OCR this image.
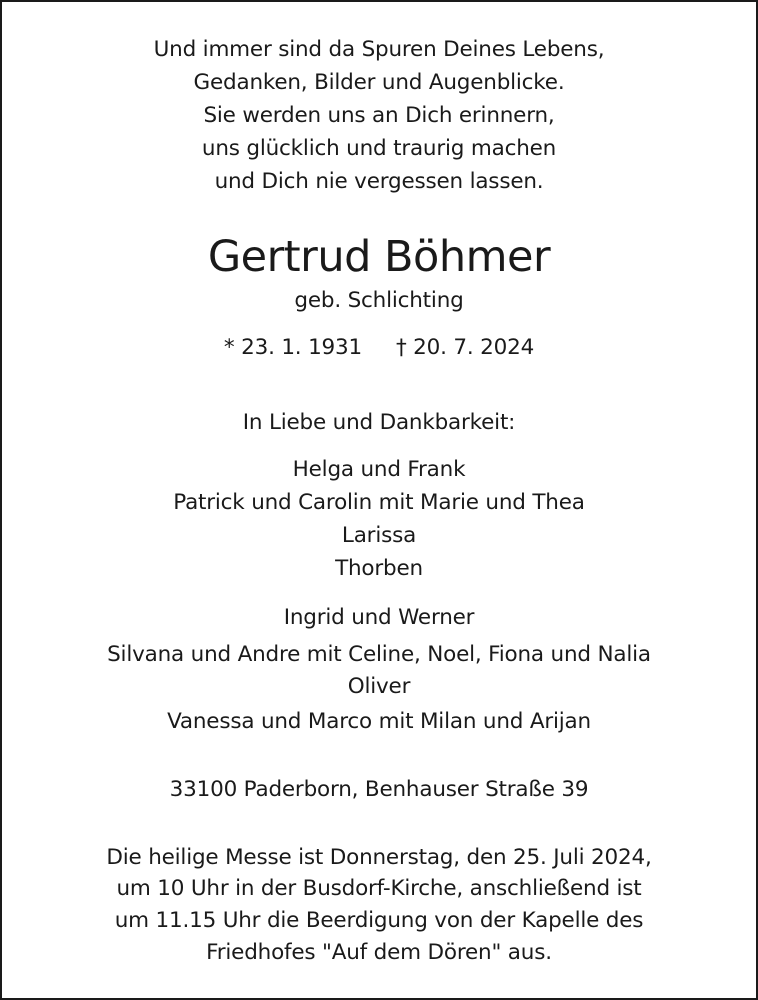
Und immer sind da Spuren Deines Lebens,
Gedanken, Bilder und Augenblicke.
Sie werden uns an Dich erinnern,
uns glücklich und traurig machen
und Dich nie vergessen lassen.
Gertrud Böhmer
geb. Schlichting
* 23. 1. 1931 † 20. 7. 2024
In Liebe und Dankbarkeit:
Helga und Frank
Patrick und Carolin mit Marie und Thea
Larissa
Thorben
Ingrid und Werner
Silvana und Andre mit Celine, Noel, Fiona und Nalia
Oliver
Vanessa und Marco mit Milan und Arijan
33100 Paderborn, Benhauser Straße 39
Die heilige Messe ist Donnerstag, den 25. Juli 2024,
um 10 Uhr in der Busdorf-Kirche, anschließend ist
um 11.15 Uhr die Beerdigung von der Kapelle des
Friedhofes "Auf dem Dören" aus.
